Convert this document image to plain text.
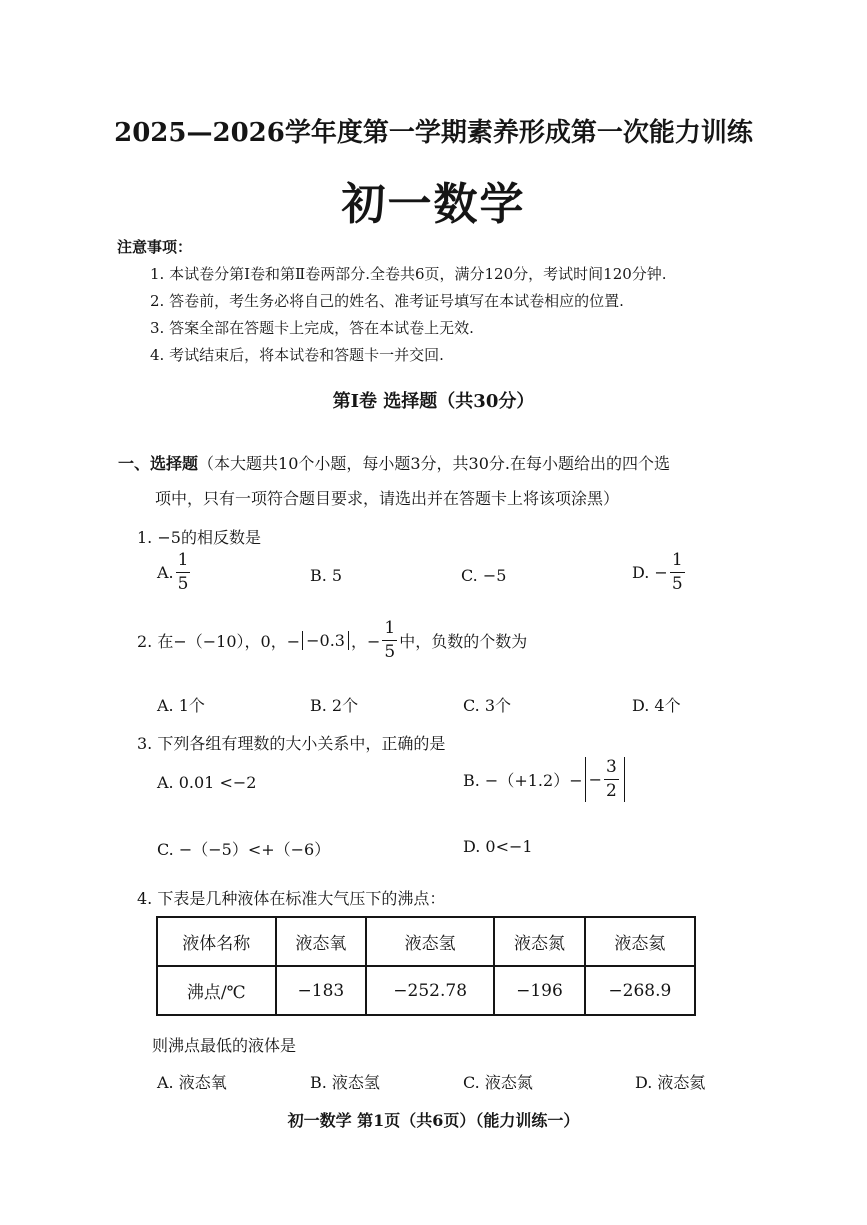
2025—2026学年度第一学期素养形成第一次能力训练
初一数学
注意事项：
1. 本试卷分第Ⅰ卷和第Ⅱ卷两部分.全卷共6页，满分120分，考试时间120分钟.
2. 答卷前，考生务必将自己的姓名、准考证号填写在本试卷相应的位置.
3. 答案全部在答题卡上完成，答在本试卷上无效.
4. 考试结束后，将本试卷和答题卡一并交回.
第Ⅰ卷 选择题（共30分）
一、选择题（本大题共10个小题，每小题3分，共30分.在每小题给出的四个选
项中，只有一项符合题目要求，请选出并在答题卡上将该项涂黑）
1. −5的相反数是
A. $\frac{1}{5}$	B. 5	C. −5	D. − $\frac{1}{5}$
2. 在−（−10），0，− −0.3 ，− $\frac{1}{5}$ 中，负数的个数为
A. 1个	B. 2个	C. 3个	D. 4个
3. 下列各组有理数的大小关系中，正确的是
A. 0.01 <−2	B. $-(+1.2)- - \frac{3}{2}$
C. −（−5）<+（−6）	D. 0<−1
4. 下表是几种液体在标准大气压下的沸点：
液体名称	液态氧	液态氢	液态氮	液态氦
沸点/℃	−183	−252.78	−196	−268.9
则沸点最低的液体是
A. 液态氧	B. 液态氢	C. 液态氮	D. 液态氦
初一数学 第1页（共6页）（能力训练一）
